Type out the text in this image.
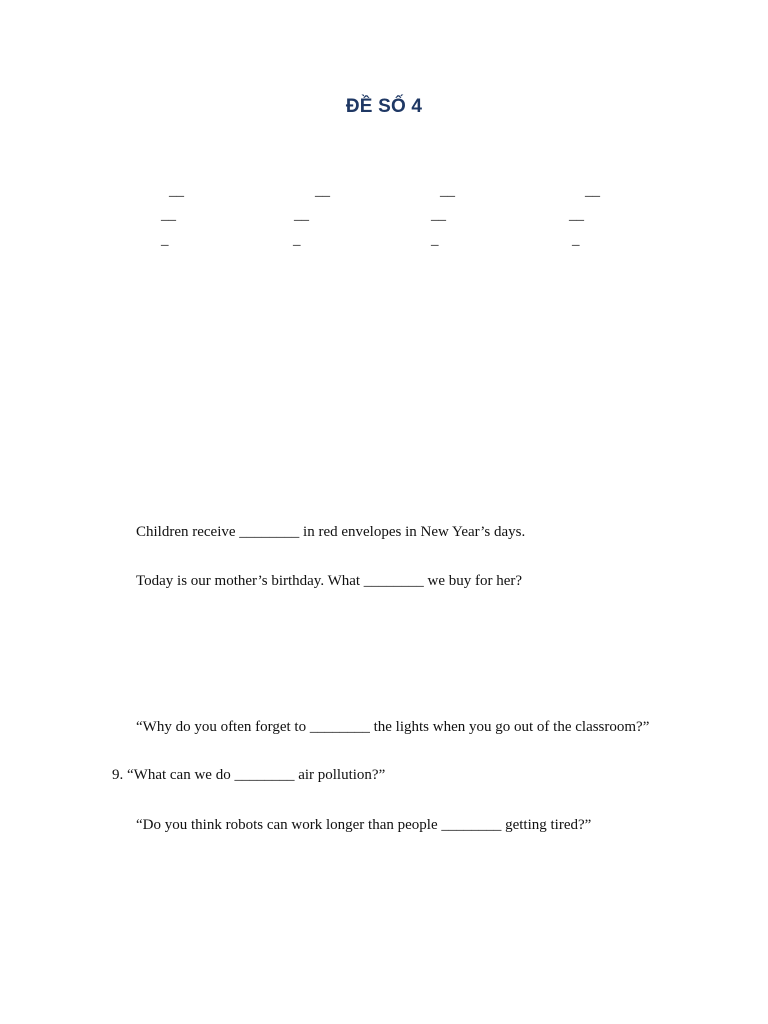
ĐỀ SỐ 4
__	__	__	__
__	__	__	__
_	_	_	_
Children receive ________ in red envelopes in New Year’s days.
Today is our mother’s birthday. What ________ we buy for her?
“Why do you often forget to ________ the lights when you go out of the classroom?”
9. “What can we do ________ air pollution?”
“Do you think robots can work longer than people ________ getting tired?”
